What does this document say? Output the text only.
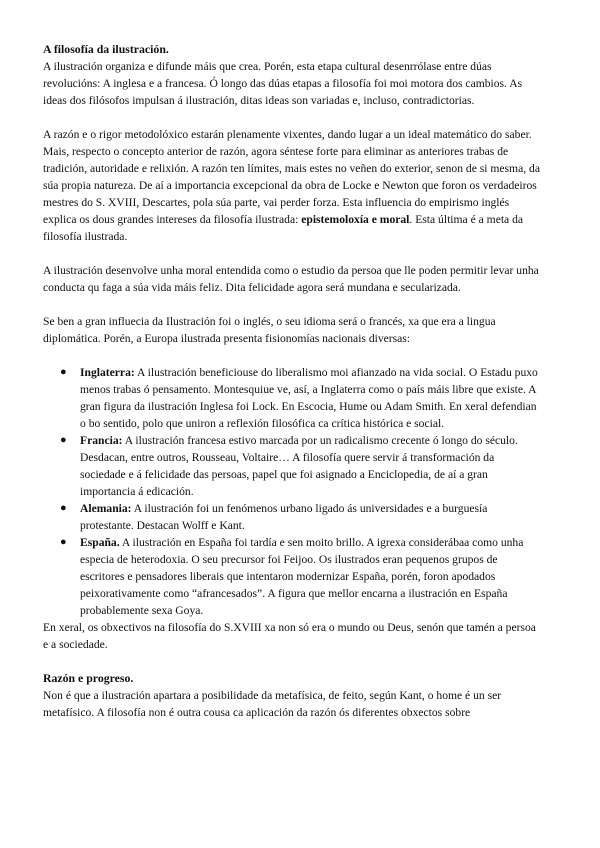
A filosofía da ilustración.

A ilustración organiza e difunde máis que crea. Porén, esta etapa cultural desenrrólase entre dúas revolucións: A inglesa e a francesa. Ó longo das dúas etapas a filosofía foi moi motora dos cambios. As ideas dos filósofos impulsan á ilustración, ditas ideas son variadas e, incluso, contradictorias.

A razón e o rigor metodolóxico estarán plenamente vixentes, dando lugar a un ideal matemático do saber. Mais, respecto o concepto anterior de razón, agora séntese forte para eliminar as anteriores trabas de tradición, autoridade e relixión. A razón ten límites, mais estes no veñen do exterior, senon de si mesma, da súa propia natureza. De aí a importancia excepcional da obra de Locke e Newton que foron os verdadeiros mestres do S. XVIII, Descartes, pola súa parte, vai perder forza. Esta influencia do empirismo inglés explica os dous grandes intereses da filosofía ilustrada: epistemoloxía e moral. Esta última é a meta da filosofía ilustrada.

A ilustración desenvolve unha moral entendida como o estudio da persoa que lle poden permitir levar unha conducta qu faga a súa vida máis feliz. Dita felicidade agora será mundana e secularizada.

Se ben a gran influecia da Ilustración foi o inglés, o seu idioma será o francés, xa que era a lingua diplomática. Porén, a Europa ilustrada presenta fisionomías nacionais diversas:

● Inglaterra: A ilustración beneficiouse do liberalismo moi afianzado na vida social. O Estadu puxo menos trabas ó pensamento. Montesquiue ve, así, a Inglaterra como o país máis libre que existe. A gran figura da ilustración Inglesa foi Lock. En Escocia, Hume ou Adam Smith. En xeral defendian o bo sentido, polo que uniron a reflexión filosófica ca crítica histórica e social.
● Francia: A ilustración francesa estivo marcada por un radicalismo crecente ó longo do século. Desdacan, entre outros, Rousseau, Voltaire… A filosofía quere servir á transformación da sociedade e á felicidade das persoas, papel que foi asignado a Enciclopedia, de aí a gran importancia á edicación.
● Alemania: A ilustración foi un fenómenos urbano ligado ás universidades e a burguesía protestante. Destacan Wolff e Kant.
● España. A ilustración en España foi tardía e sen moito brillo. A igrexa considerábaa como unha especia de heterodoxia. O seu precursor foi Feijoo. Os ilustrados eran pequenos grupos de escritores e pensadores liberais que intentaron modernizar España, porén, foron apodados peixorativamente como “afrancesados”. A figura que mellor encarna a ilustración en España probablemente sexa Goya.

En xeral, os obxectivos na filosofía do S.XVIII xa non só era o mundo ou Deus, senón que tamén a persoa e a sociedade.

Razón e progreso.

Non é que a ilustración apartara a posibilidade da metafísica, de feito, según Kant, o home é un ser metafísico. A filosofía non é outra cousa ca aplicación da razón ós diferentes obxectos sobre
